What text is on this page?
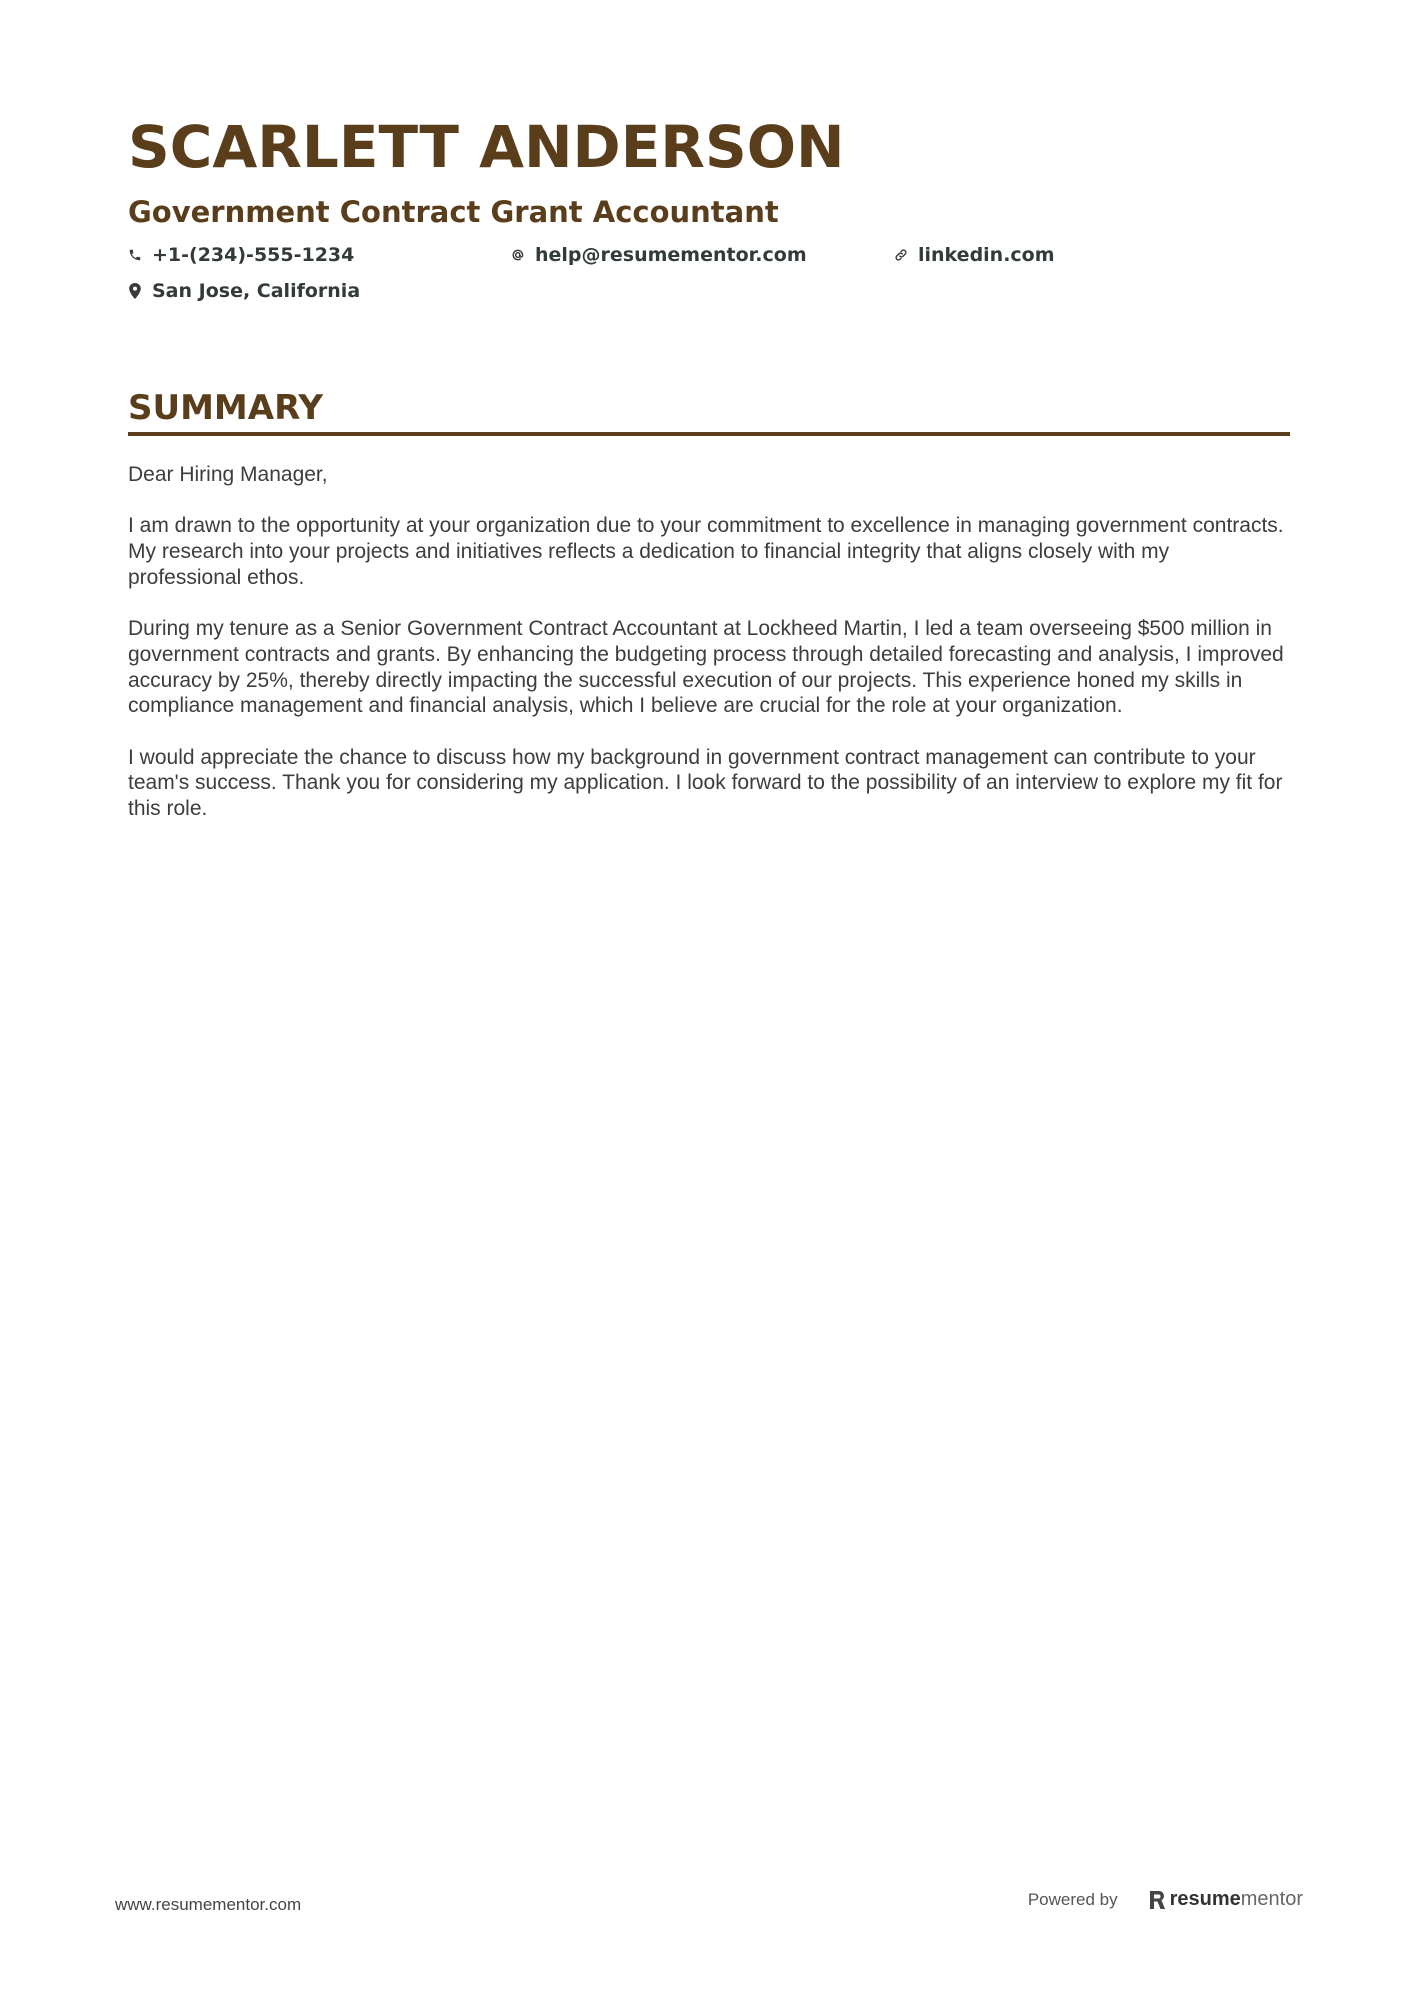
SCARLETT ANDERSON
Government Contract Grant Accountant
+1-(234)-555-1234	help@resumementor.com	linkedin.com
San Jose, California
SUMMARY

Dear Hiring Manager,

I am drawn to the opportunity at your organization due to your commitment to excellence in managing government contracts. My research into your projects and initiatives reflects a dedication to financial integrity that aligns closely with my professional ethos.

During my tenure as a Senior Government Contract Accountant at Lockheed Martin, I led a team overseeing $500 million in government contracts and grants. By enhancing the budgeting process through detailed forecasting and analysis, I improved accuracy by 25%, thereby directly impacting the successful execution of our projects. This experience honed my skills in compliance management and financial analysis, which I believe are crucial for the role at your organization.

I would appreciate the chance to discuss how my background in government contract management can contribute to your team's success. Thank you for considering my application. I look forward to the possibility of an interview to explore my fit for this role.

www.resumementor.com	Powered by	resume mentor
